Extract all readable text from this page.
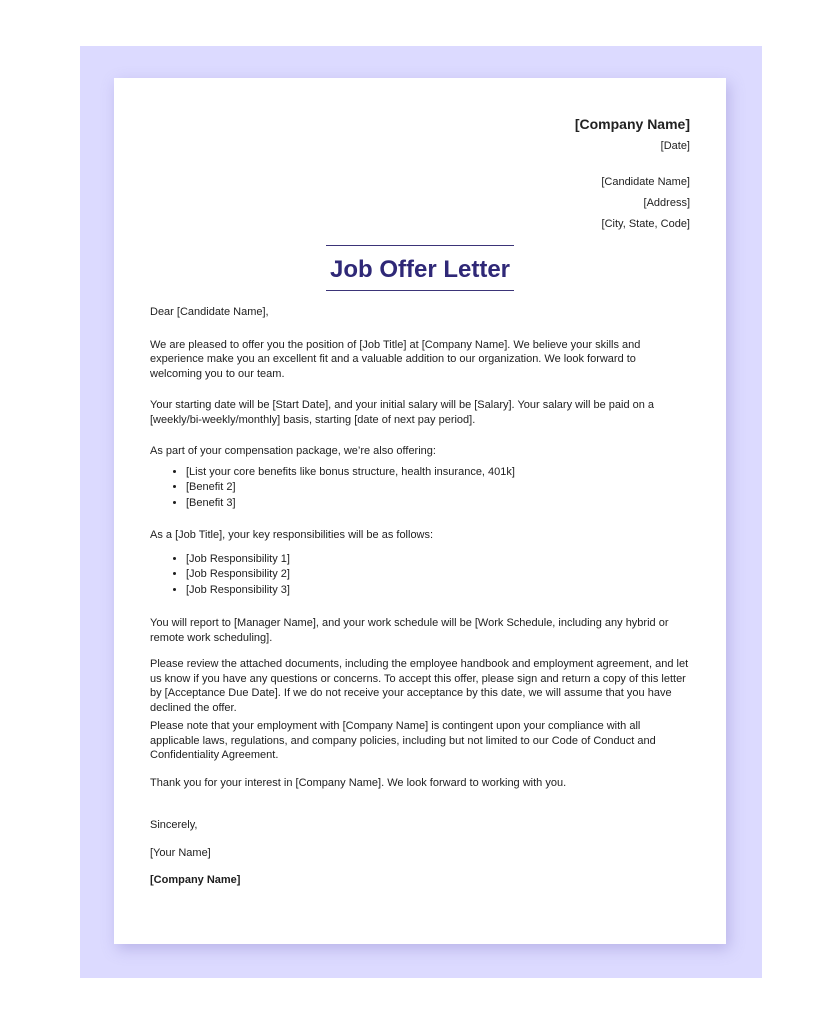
[Company Name]
[Date]
[Candidate Name]
[Address]
[City, State, Code]
Job Offer Letter

Dear [Candidate Name],

We are pleased to offer you the position of [Job Title] at [Company Name]. We believe your skills and experience make you an excellent fit and a valuable addition to our organization. We look forward to welcoming you to our team.

Your starting date will be [Start Date], and your initial salary will be [Salary]. Your salary will be paid on a [weekly/bi-weekly/monthly] basis, starting [date of next pay period].

As part of your compensation package, we’re also offering:

• [List your core benefits like bonus structure, health insurance, 401k]
• [Benefit 2]
• [Benefit 3]

As a [Job Title], your key responsibilities will be as follows:

• [Job Responsibility 1]
• [Job Responsibility 2]
• [Job Responsibility 3]

You will report to [Manager Name], and your work schedule will be [Work Schedule, including any hybrid or remote work scheduling].

Please review the attached documents, including the employee handbook and employment agreement, and let us know if you have any questions or concerns. To accept this offer, please sign and return a copy of this letter by [Acceptance Due Date]. If we do not receive your acceptance by this date, we will assume that you have declined the offer.

Please note that your employment with [Company Name] is contingent upon your compliance with all applicable laws, regulations, and company policies, including but not limited to our Code of Conduct and Confidentiality Agreement.

Thank you for your interest in [Company Name]. We look forward to working with you.

Sincerely,

[Your Name]

[Company Name]
